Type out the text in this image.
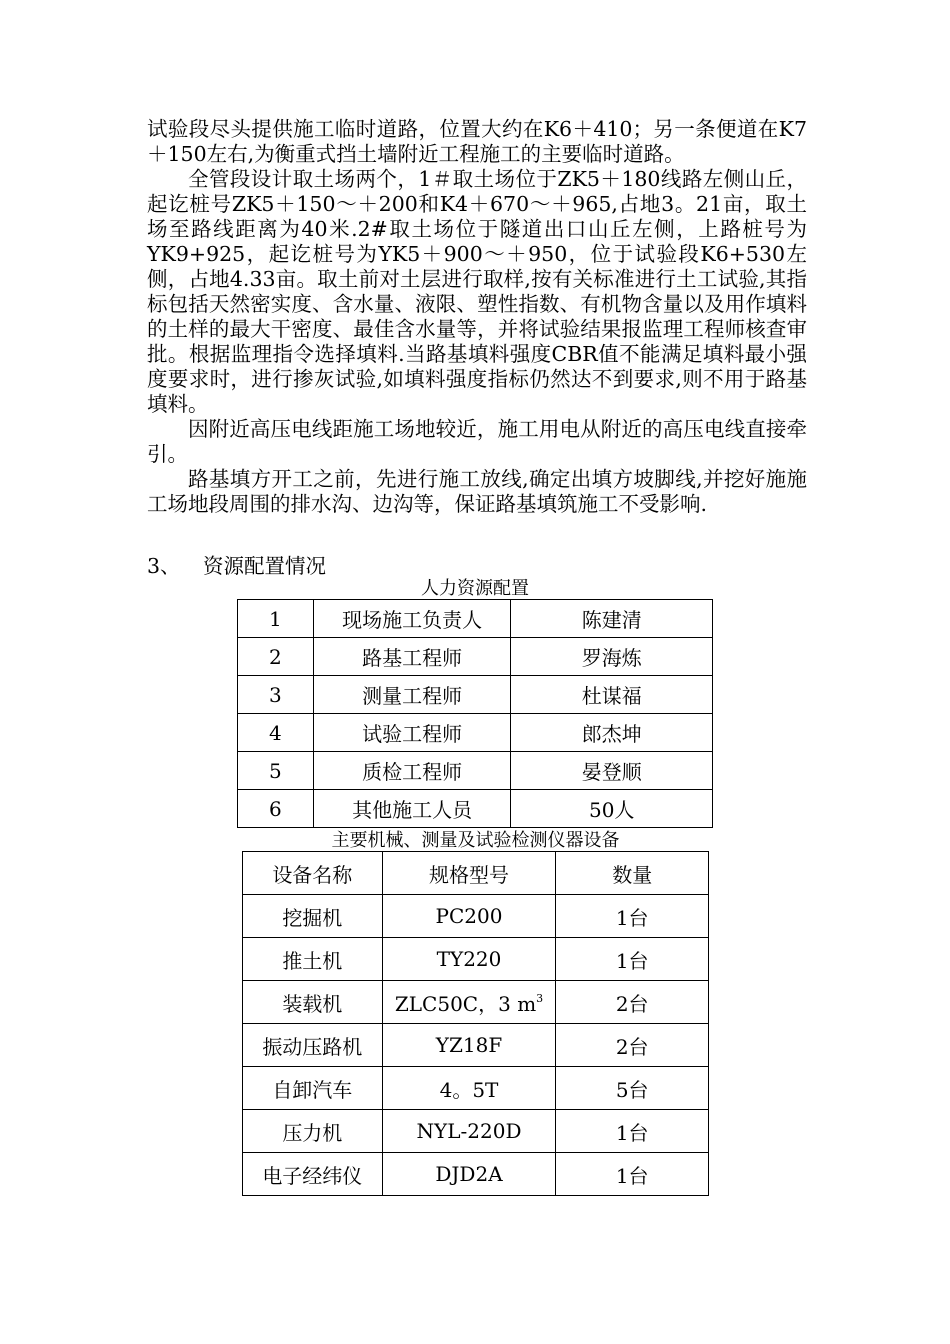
试验段尽头提供施工临时道路，位置大约在K6＋410；另一条便道在K7＋150左右,为衡重式挡土墙附近工程施工的主要临时道路。

全管段设计取土场两个，1＃取土场位于ZK5＋180线路左侧山丘，起讫桩号ZK5＋150～＋200和K4＋670～＋965,占地3。21亩，取土场至路线距离为40米.2#取土场位于隧道出口山丘左侧，上路桩号为YK9+925，起讫桩号为YK5＋900～＋950，位于试验段K6+530左侧，占地4.33亩。取土前对土层进行取样,按有关标准进行土工试验,其指标包括天然密实度、含水量、液限、塑性指数、有机物含量以及用作填料的土样的最大干密度、最佳含水量等，并将试验结果报监理工程师核查审批。根据监理指令选择填料.当路基填料强度CBR值不能满足填料最小强度要求时，进行掺灰试验,如填料强度指标仍然达不到要求,则不用于路基填料。

因附近高压电线距施工场地较近，施工用电从附近的高压电线直接牵引。

路基填方开工之前，先进行施工放线,确定出填方坡脚线,并挖好施施工场地段周围的排水沟、边沟等，保证路基填筑施工不受影响.

3、 资源配置情况
人力资源配置
1	现场施工负责人	陈建清
2	路基工程师	罗海炼
3	测量工程师	杜谋福
4	试验工程师	郎杰坤
5	质检工程师	晏登顺
6	其他施工人员	50人
主要机械、测量及试验检测仪器设备
设备名称	规格型号	数量
挖掘机	PC200	1台
推土机	TY220	1台
装载机	ZLC50C，3 $m^3$	2台
振动压路机	YZ18F	2台
自卸汽车	4。5T	5台
压力机	NYL-220D	1台
电子经纬仪	DJD2A	1台
